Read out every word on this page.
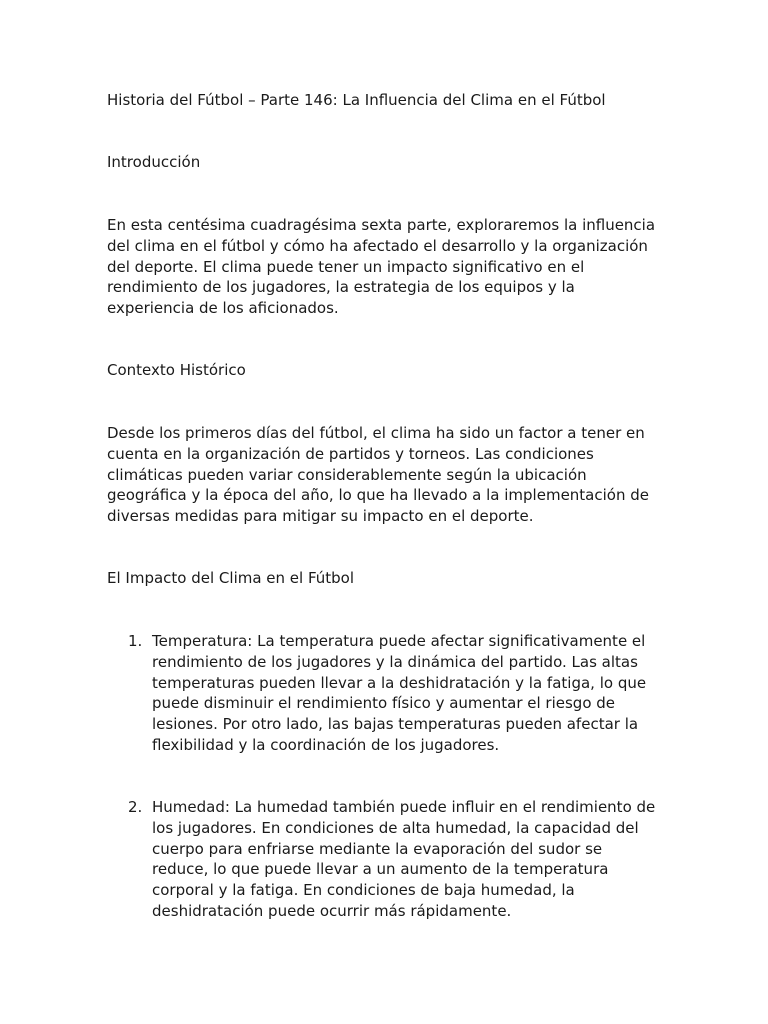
Historia del Fútbol – Parte 146: La Influencia del Clima en el Fútbol

Introducción

En esta centésima cuadragésima sexta parte, exploraremos la influencia del clima en el fútbol y cómo ha afectado el desarrollo y la organización del deporte. El clima puede tener un impacto significativo en el rendimiento de los jugadores, la estrategia de los equipos y la experiencia de los aficionados.

Contexto Histórico

Desde los primeros días del fútbol, el clima ha sido un factor a tener en cuenta en la organización de partidos y torneos. Las condiciones climáticas pueden variar considerablemente según la ubicación geográfica y la época del año, lo que ha llevado a la implementación de diversas medidas para mitigar su impacto en el deporte.

El Impacto del Clima en el Fútbol

1. Temperatura: La temperatura puede afectar significativamente el rendimiento de los jugadores y la dinámica del partido. Las altas temperaturas pueden llevar a la deshidratación y la fatiga, lo que puede disminuir el rendimiento físico y aumentar el riesgo de lesiones. Por otro lado, las bajas temperaturas pueden afectar la flexibilidad y la coordinación de los jugadores.

2. Humedad: La humedad también puede influir en el rendimiento de los jugadores. En condiciones de alta humedad, la capacidad del cuerpo para enfriarse mediante la evaporación del sudor se reduce, lo que puede llevar a un aumento de la temperatura corporal y la fatiga. En condiciones de baja humedad, la deshidratación puede ocurrir más rápidamente.
